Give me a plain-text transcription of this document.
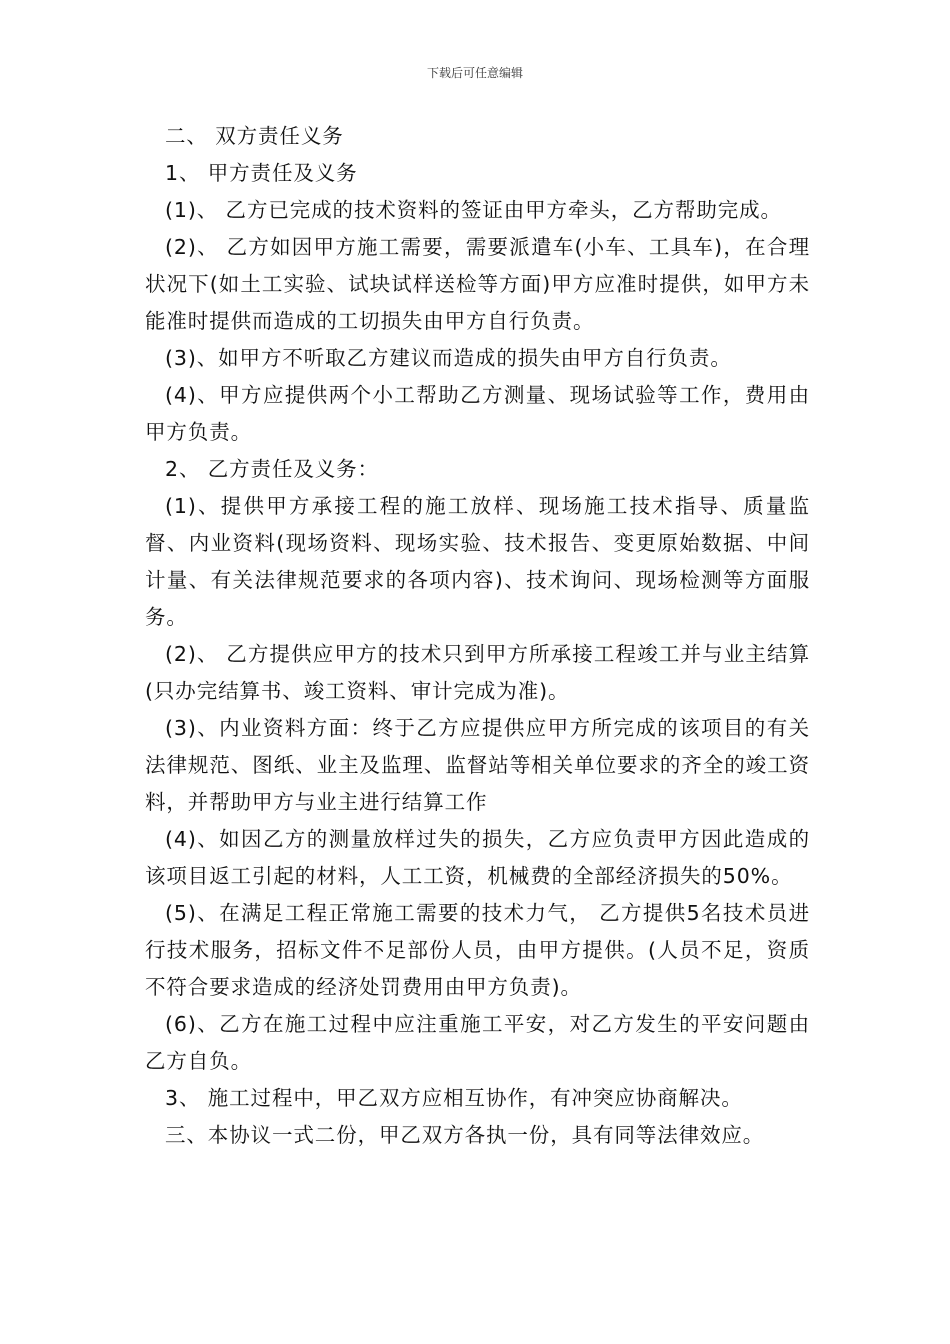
下载后可任意编辑

二、 双方责任义务

1、 甲方责任及义务

(1)、 乙方已完成的技术资料的签证由甲方牵头，乙方帮助完成。

(2)、 乙方如因甲方施工需要，需要派遣车(小车、工具车)，在合理状况下(如土工实验、试块试样送检等方面)甲方应准时提供，如甲方未能准时提供而造成的工切损失由甲方自行负责。

(3)、如甲方不听取乙方建议而造成的损失由甲方自行负责。

(4)、甲方应提供两个小工帮助乙方测量、现场试验等工作，费用由甲方负责。

2、 乙方责任及义务：

(1)、提供甲方承接工程的施工放样、现场施工技术指导、质量监督、内业资料(现场资料、现场实验、技术报告、变更原始数据、中间计量、有关法律规范要求的各项内容)、技术询问、现场检测等方面服务。

(2)、 乙方提供应甲方的技术只到甲方所承接工程竣工并与业主结算(只办完结算书、竣工资料、审计完成为准)。

(3)、内业资料方面：终于乙方应提供应甲方所完成的该项目的有关法律规范、图纸、业主及监理、监督站等相关单位要求的齐全的竣工资料，并帮助甲方与业主进行结算工作

(4)、如因乙方的测量放样过失的损失，乙方应负责甲方因此造成的该项目返工引起的材料，人工工资，机械费的全部经济损失的50%。

(5)、在满足工程正常施工需要的技术力气， 乙方提供5名技术员进行技术服务，招标文件不足部份人员，由甲方提供。(人员不足，资质不符合要求造成的经济处罚费用由甲方负责)。

(6)、乙方在施工过程中应注重施工平安，对乙方发生的平安问题由乙方自负。

3、 施工过程中，甲乙双方应相互协作，有冲突应协商解决。

三、本协议一式二份，甲乙双方各执一份，具有同等法律效应。
